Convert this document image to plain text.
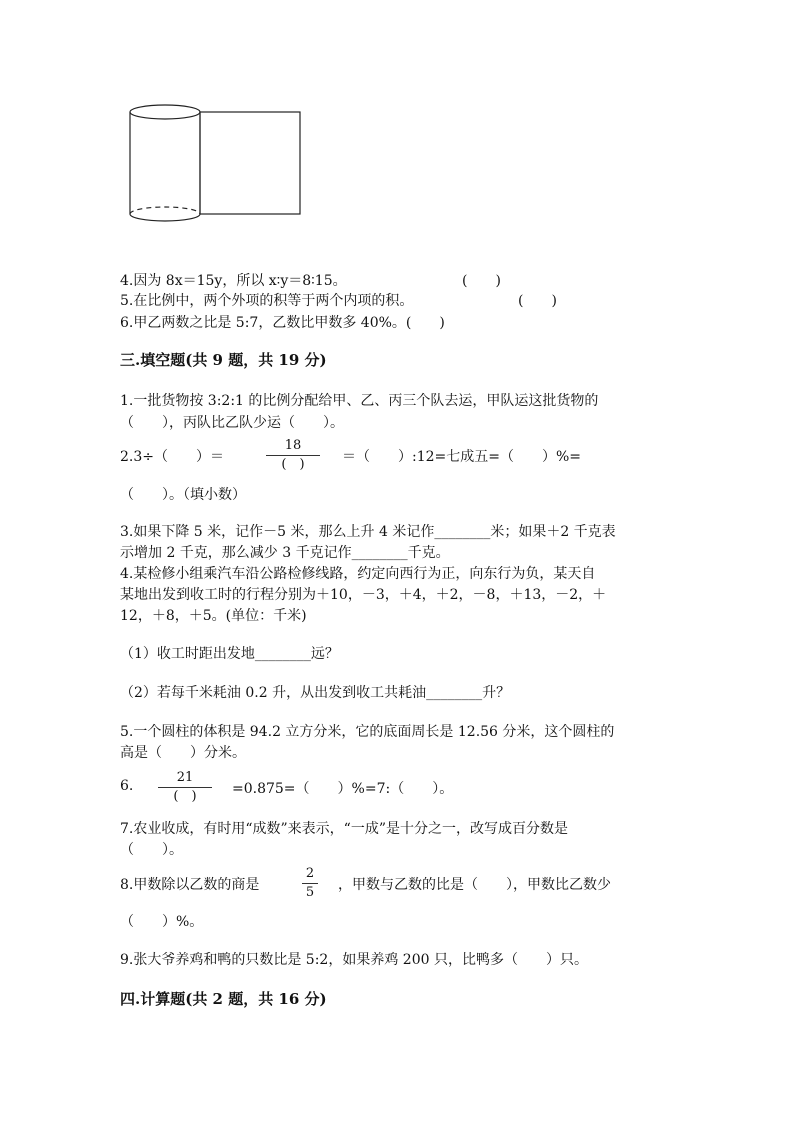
4.因为 8x＝15y，所以 x∶y＝8∶15。	(　　)
5.在比例中，两个外项的积等于两个内项的积。	(　　)
6.甲乙两数之比是 5:7，乙数比甲数多 40%。(　　)
三.填空题(共 9 题，共 19 分)
1.一批货物按 3:2:1 的比例分配给甲、乙、丙三个队去运，甲队运这批货物的
（　　），丙队比乙队少运（　　）。
2.3÷（　　）＝
18
(　)	＝（　　）:12=七成五=（　　）%=
（　　）。（填小数）
3.如果下降 5 米，记作－5 米，那么上升 4 米记作________米；如果＋2 千克表
示增加 2 千克，那么减少 3 千克记作________千克。
4.某检修小组乘汽车沿公路检修线路，约定向西行为正，向东行为负，某天自
某地出发到收工时的行程分别为＋10，－3，＋4，＋2，－8，＋13，－2，＋
12，＋8，＋5。(单位：千米)
（1）收工时距出发地________远？
（2）若每千米耗油 0.2 升，从出发到收工共耗油________升？
5.一个圆柱的体积是 94.2 立方分米，它的底面周长是 12.56 分米，这个圆柱的
高是（　　）分米。
6.
21
(　)	=0.875=（　　）%=7:（　　）。
7.农业收成，有时用“成数”来表示，“一成”是十分之一，改写成百分数是
（　　）。
8.甲数除以乙数的商是
2
5 ，甲数与乙数的比是（　　），甲数比乙数少
（　　）%。
9.张大爷养鸡和鸭的只数比是 5:2，如果养鸡 200 只，比鸭多（　　）只。
四.计算题(共 2 题，共 16 分)
